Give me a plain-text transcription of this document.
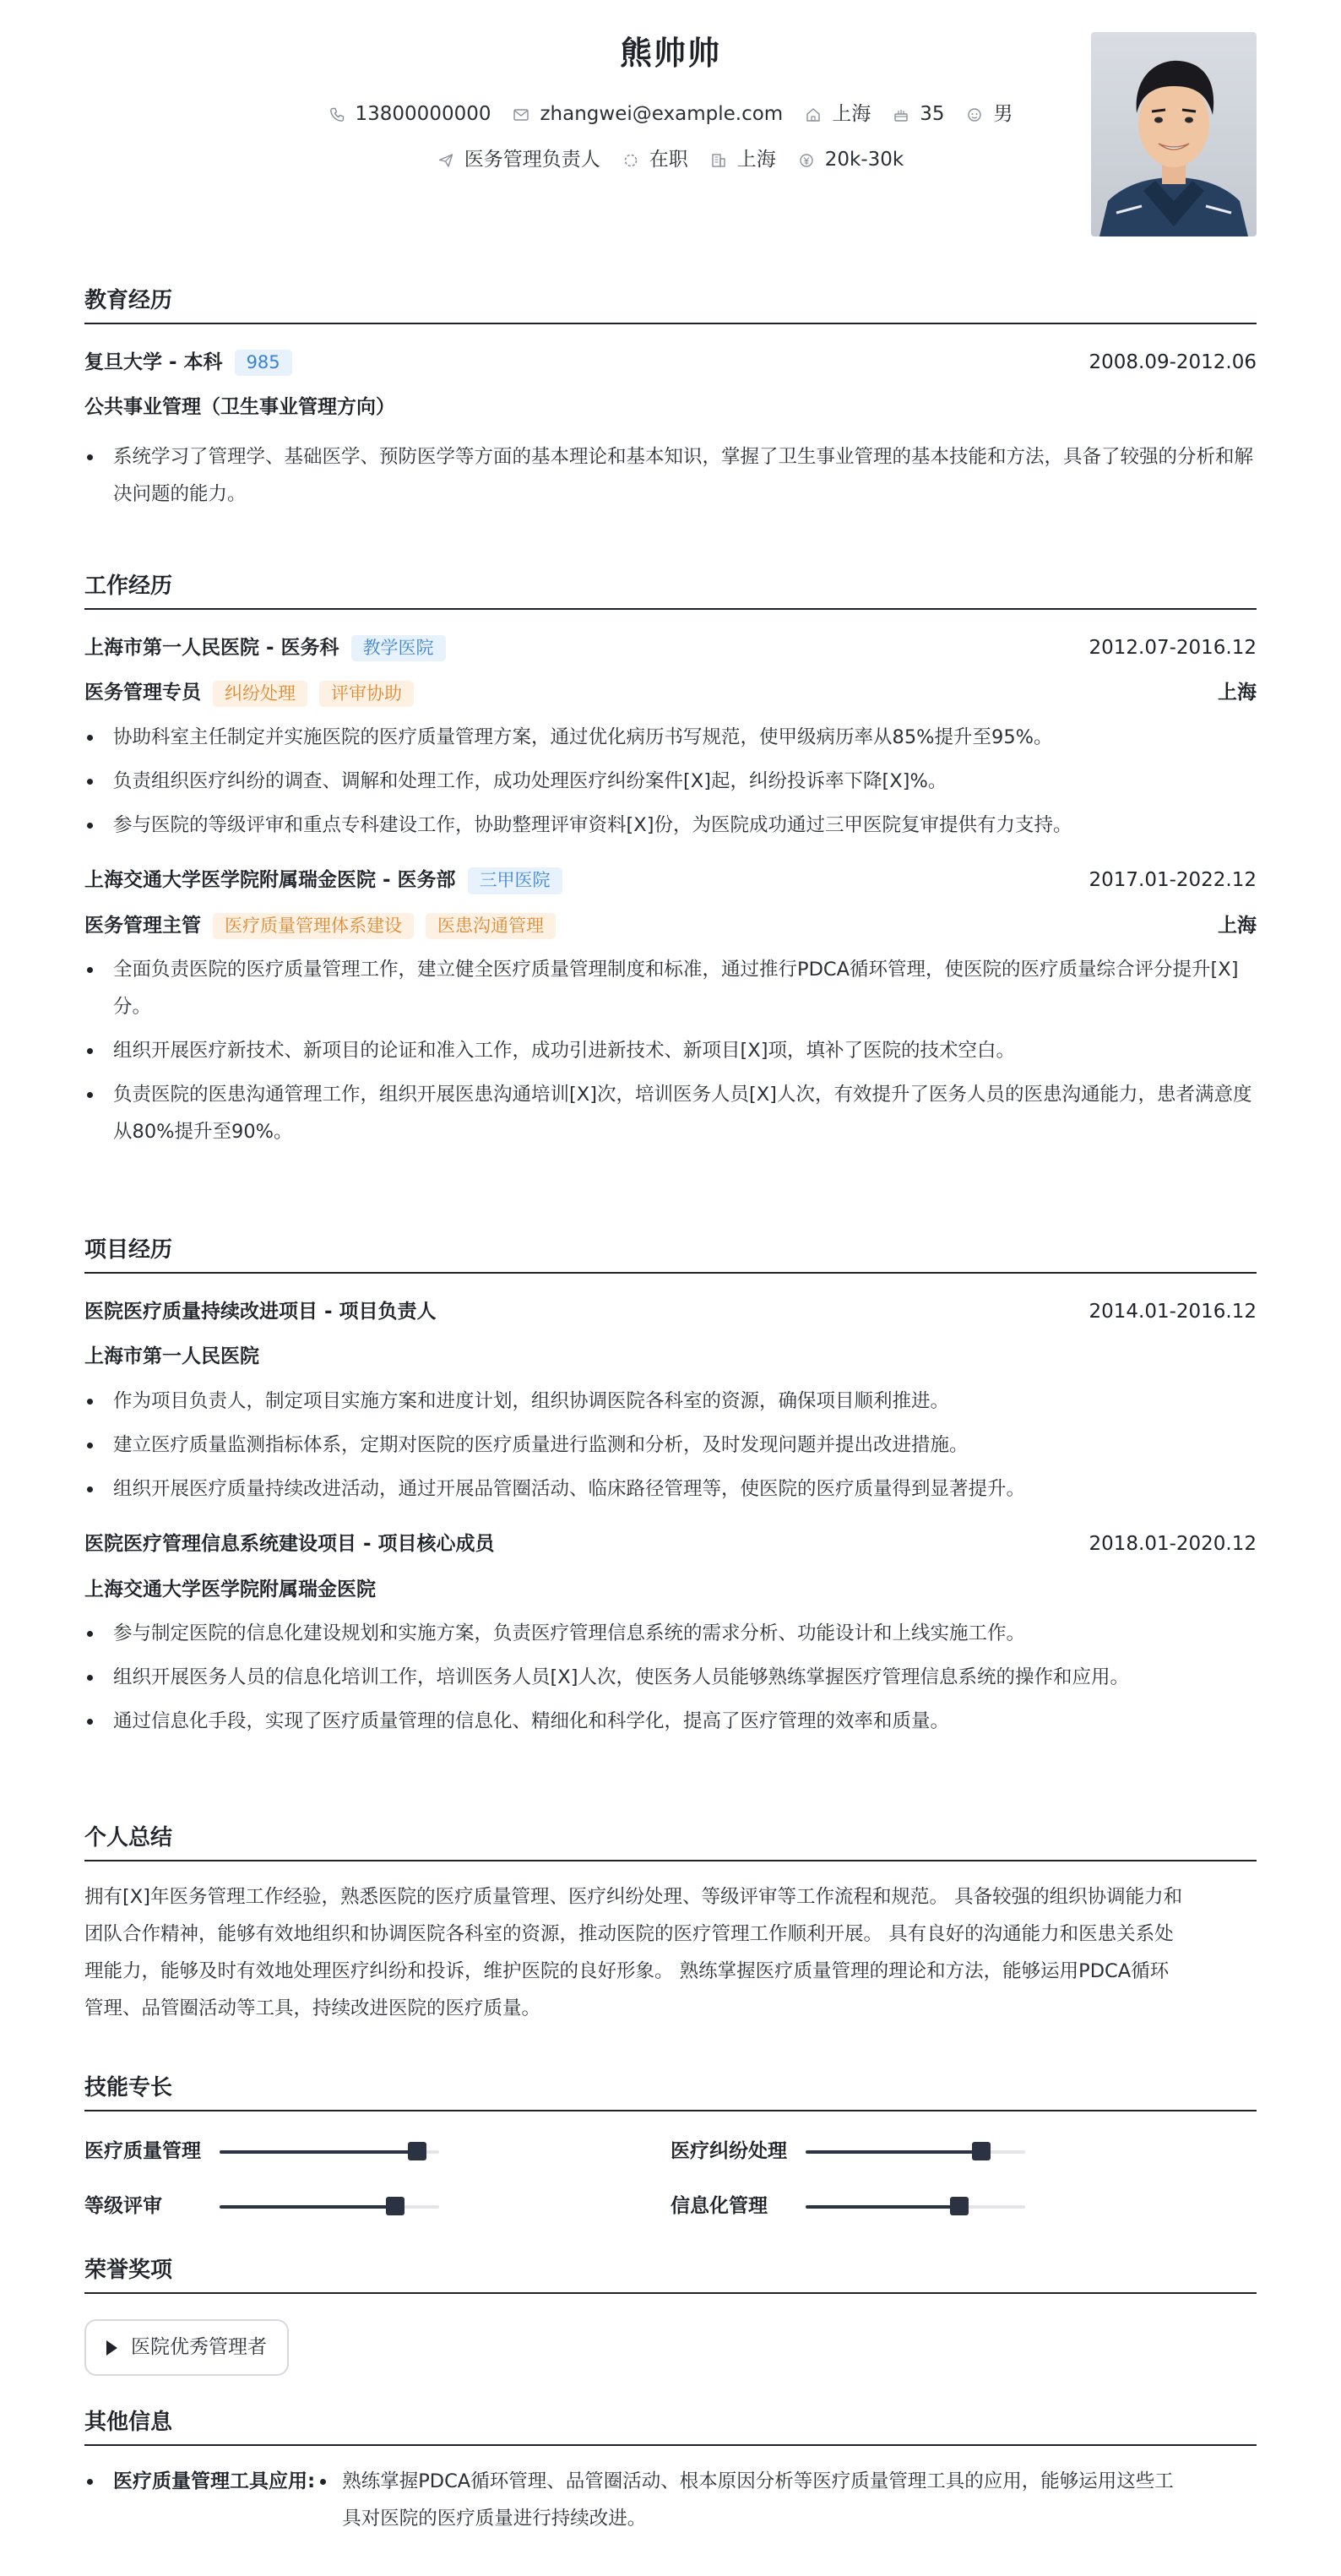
熊帅帅
13800000000	zhangwei@example.com	上海	35	男
医务管理负责人	在职	上海	20k-30k
教育经历
复旦大学 - 本科	985	2008.09-2012.06
公共事业管理（卫生事业管理方向）
系统学习了管理学、基础医学、预防医学等方面的基本理论和基本知识，掌握了卫生事业管理的基本技能和方法，具备了较强的分析和解决问题的能力。
工作经历
上海市第一人民医院 - 医务科	教学医院	2012.07-2016.12
医务管理专员	纠纷处理	评审协助	上海
协助科室主任制定并实施医院的医疗质量管理方案，通过优化病历书写规范，使甲级病历率从85%提升至95%。
负责组织医疗纠纷的调查、调解和处理工作，成功处理医疗纠纷案件[X]起，纠纷投诉率下降[X]%。
参与医院的等级评审和重点专科建设工作，协助整理评审资料[X]份，为医院成功通过三甲医院复审提供有力支持。
上海交通大学医学院附属瑞金医院 - 医务部	三甲医院	2017.01-2022.12
医务管理主管	医疗质量管理体系建设	医患沟通管理	上海
全面负责医院的医疗质量管理工作，建立健全医疗质量管理制度和标准，通过推行PDCA循环管理，使医院的医疗质量综合评分提升[X]分。
组织开展医疗新技术、新项目的论证和准入工作，成功引进新技术、新项目[X]项，填补了医院的技术空白。
负责医院的医患沟通管理工作，组织开展医患沟通培训[X]次，培训医务人员[X]人次，有效提升了医务人员的医患沟通能力，患者满意度从80%提升至90%。
项目经历
医院医疗质量持续改进项目 - 项目负责人	2014.01-2016.12
上海市第一人民医院
作为项目负责人，制定项目实施方案和进度计划，组织协调医院各科室的资源，确保项目顺利推进。
建立医疗质量监测指标体系，定期对医院的医疗质量进行监测和分析，及时发现问题并提出改进措施。
组织开展医疗质量持续改进活动，通过开展品管圈活动、临床路径管理等，使医院的医疗质量得到显著提升。
医院医疗管理信息系统建设项目 - 项目核心成员	2018.01-2020.12
上海交通大学医学院附属瑞金医院
参与制定医院的信息化建设规划和实施方案，负责医疗管理信息系统的需求分析、功能设计和上线实施工作。
组织开展医务人员的信息化培训工作，培训医务人员[X]人次，使医务人员能够熟练掌握医疗管理信息系统的操作和应用。
通过信息化手段，实现了医疗质量管理的信息化、精细化和科学化，提高了医疗管理的效率和质量。
个人总结
拥有[X]年医务管理工作经验，熟悉医院的医疗质量管理、医疗纠纷处理、等级评审等工作流程和规范。 具备较强的组织协调能力和
团队合作精神，能够有效地组织和协调医院各科室的资源，推动医院的医疗管理工作顺利开展。 具有良好的沟通能力和医患关系处
理能力，能够及时有效地处理医疗纠纷和投诉，维护医院的良好形象。 熟练掌握医疗质量管理的理论和方法，能够运用PDCA循环
管理、品管圈活动等工具，持续改进医院的医疗质量。
技能专长
医疗质量管理	医疗纠纷处理
等级评审	信息化管理
荣誉奖项
医院优秀管理者
其他信息
医疗质量管理工具应用: 熟练掌握PDCA循环管理、品管圈活动、根本原因分析等医疗质量管理工具的应用，能够运用这些工
具对医院的医疗质量进行持续改进。
